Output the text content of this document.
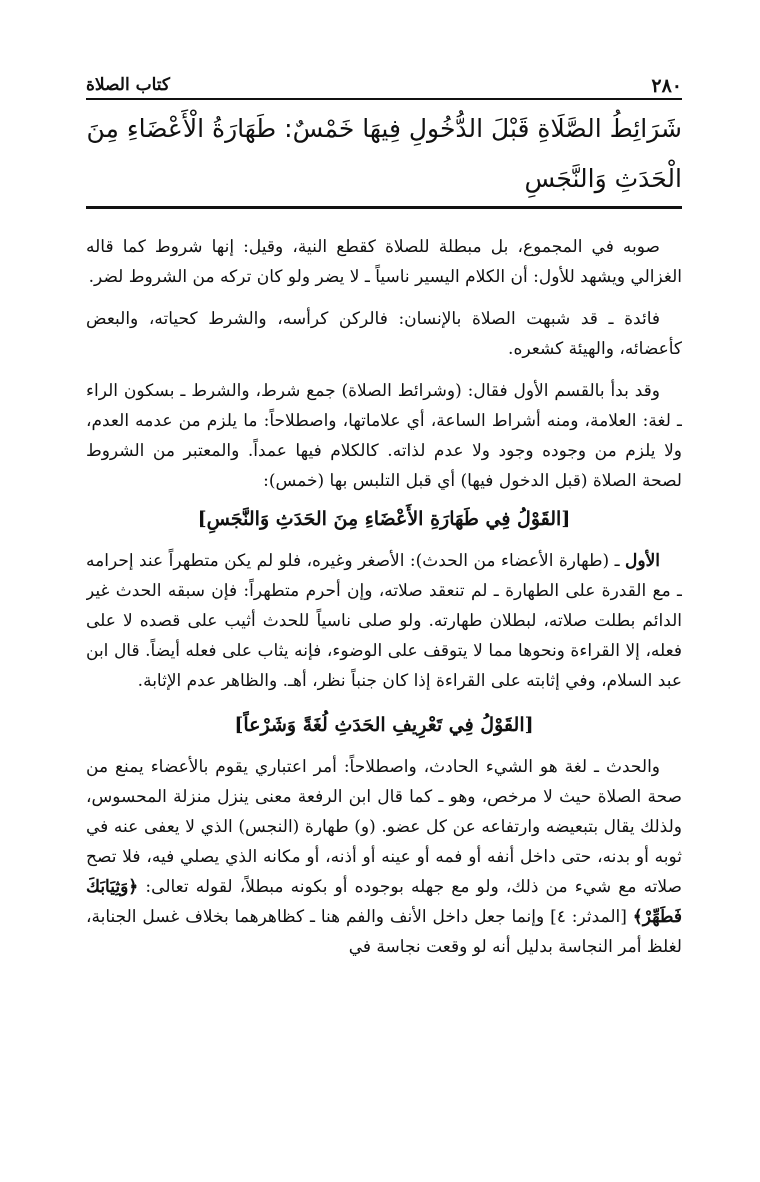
٢٨٠
كتاب الصلاة
شَرَائِطُ الصَّلَاةِ قَبْلَ الدُّخُولِ فِيهَا خَمْسٌ: طَهَارَةُ الْأَعْضَاءِ مِنَ الْحَدَثِ وَالنَّجَسِ

صوبه في المجموع، بل مبطلة للصلاة كقطع النية، وقيل: إنها شروط كما قاله الغزالي ويشهد للأول: أن الكلام اليسير ناسياً ـ لا يضر ولو كان تركه من الشروط لضر.

فائدة ـ قد شبهت الصلاة بالإنسان: فالركن كرأسه، والشرط كحياته، والبعض كأعضائه، والهيئة كشعره.

وقد بدأ بالقسم الأول فقال: (وشرائط الصلاة) جمع شرط، والشرط ـ بسكون الراء ـ لغة: العلامة، ومنه أشراط الساعة، أي علاماتها، واصطلاحاً: ما يلزم من عدمه العدم، ولا يلزم من وجوده وجود ولا عدم لذاته. كالكلام فيها عمداً. والمعتبر من الشروط لصحة الصلاة (قبل الدخول فيها) أي قبل التلبس بها (خمس):

[القَوْلُ فِي طَهَارَةِ الأَعْضَاءِ مِنَ الحَدَثِ وَالنَّجَسِ]

الأول ـ (طهارة الأعضاء من الحدث): الأصغر وغيره، فلو لم يكن متطهراً عند إحرامه ـ مع القدرة على الطهارة ـ لم تنعقد صلاته، وإن أحرم متطهراً: فإن سبقه الحدث غير الدائم بطلت صلاته، لبطلان طهارته. ولو صلى ناسياً للحدث أثيب على قصده لا على فعله، إلا القراءة ونحوها مما لا يتوقف على الوضوء، فإنه يثاب على فعله أيضاً. قال ابن عبد السلام، وفي إثابته على القراءة إذا كان جنباً نظر، أهـ. والظاهر عدم الإثابة.

[القَوْلُ فِي تَعْرِيفِ الحَدَثِ لُغَةً وَشَرْعاً]

والحدث ـ لغة هو الشيء الحادث، واصطلاحاً: أمر اعتباري يقوم بالأعضاء يمنع من صحة الصلاة حيث لا مرخص، وهو ـ كما قال ابن الرفعة معنى ينزل منزلة المحسوس، ولذلك يقال بتبعيضه وارتفاعه عن كل عضو. (و) طهارة (النجس) الذي لا يعفى عنه في ثوبه أو بدنه، حتى داخل أنفه أو فمه أو عينه أو أذنه، أو مكانه الذي يصلي فيه، فلا تصح صلاته مع شيء من ذلك، ولو مع جهله بوجوده أو بكونه مبطلاً، لقوله تعالى: ﴿وَثِيَابَكَ فَطَهِّرْ﴾ [المدثر: ٤] وإنما جعل داخل الأنف والفم هنا ـ كظاهرهما بخلاف غسل الجنابة، لغلظ أمر النجاسة بدليل أنه لو وقعت نجاسة في
